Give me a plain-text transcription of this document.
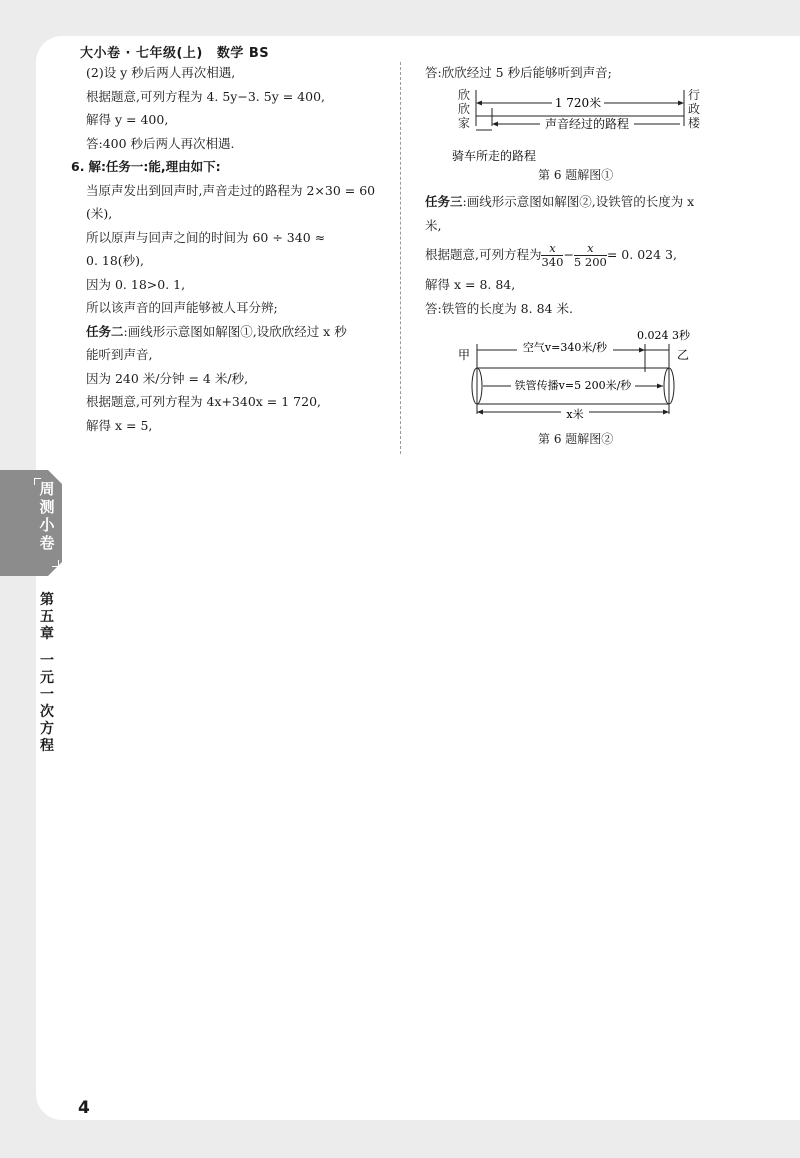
大小卷 · 七年级(上) 数学 BS

(2)设 y 秒后两人再次相遇,

根据题意,可列方程为 4. 5y−3. 5y = 400,

解得 y = 400,

答:400 秒后两人再次相遇.

6. 解:任务一:能,理由如下:

当原声发出到回声时,声音走过的路程为 2×30 = 60

(米),

所以原声与回声之间的时间为 60 ÷ 340 ≈

0. 18(秒),

因为 0. 18>0. 1,

所以该声音的回声能够被人耳分辨;

任务二:画线形示意图如解图①,设欣欣经过 x 秒

能听到声音,

因为 240 米/分钟 = 4 米/秒,

根据题意,可列方程为 4x+340x = 1 720,

解得 x = 5,

答:欣欣经过 5 秒后能够听到声音;

欣
欣
家
行
政
楼
1 720米
声音经过的路程
骑车所走的路程
第 6 题解图①

任务三:画线形示意图如解图②,设铁管的长度为 x

米,

根据题意,可列方程为 $\frac{x}{340} - \frac{x}{5 200} = 0$. 024 3,

解得 x = 8. 84,

答:铁管的长度为 8. 84 米.

0.024 3秒
甲	乙
空气v=340米/秒
铁管传播v=5 200米/秒
x米
第 6 题解图②
周
测
小
卷
第
五
章
一
元
一
次
方
程
4
